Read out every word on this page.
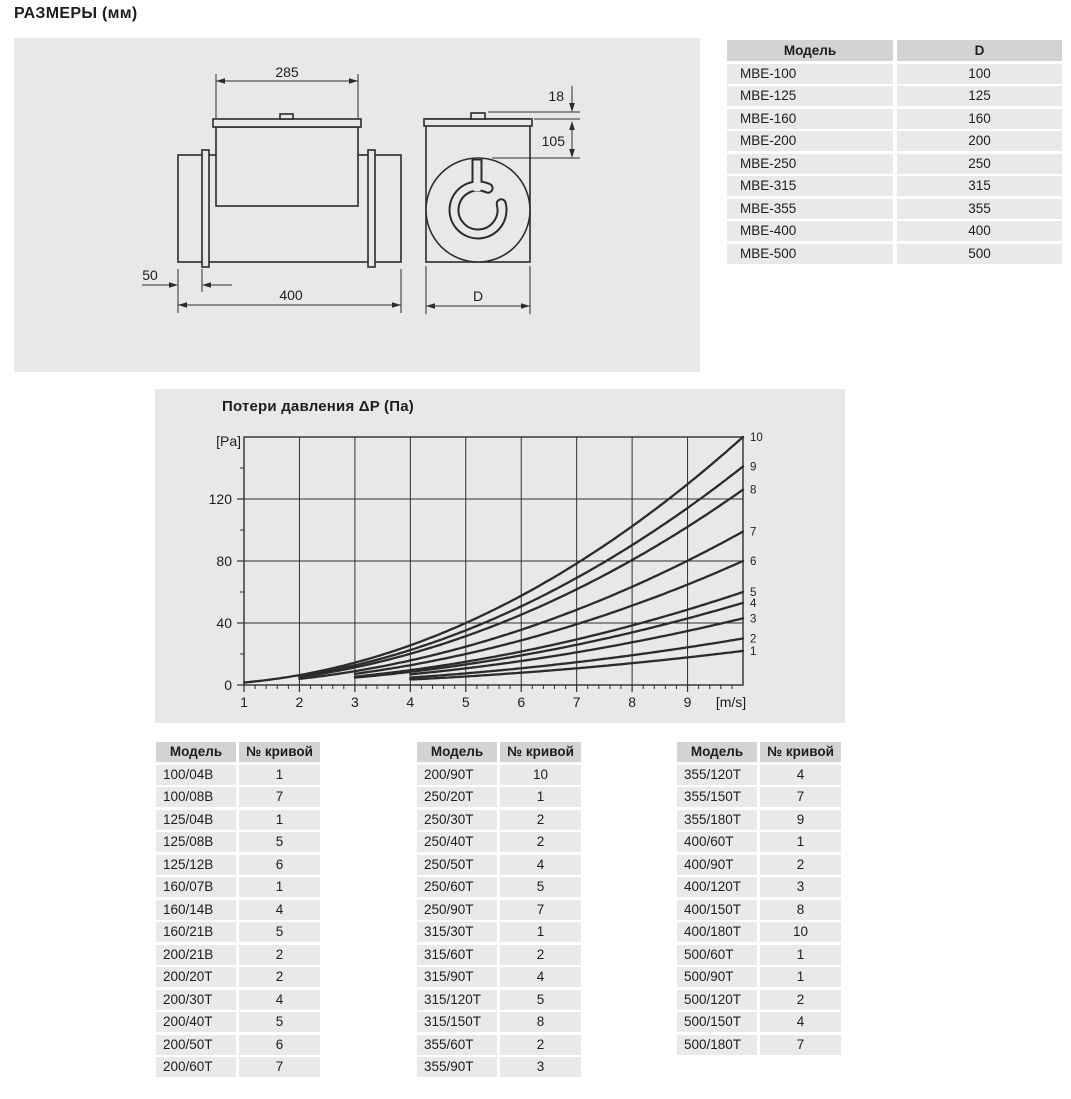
РАЗМЕРЫ (мм)
285
50
400
18
105
D
Модель	D
МВЕ-100	100
МВЕ-125	125
МВЕ-160	160
МВЕ-200	200
МВЕ-250	250
МВЕ-315	315
МВЕ-355	355
МВЕ-400	400
МВЕ-500	500
Потери давления ΔP (Па)
1	2	3	4	5	6	7	8	9
0
40
80
120
[Pa]
[m/s]
1
2
3
4
5
6
7
8
9
10
Модель	№ кривой
100/04В	1
100/08В	7
125/04В	1
125/08В	5
125/12В	6
160/07В	1
160/14В	4
160/21В	5
200/21В	2
200/20Т	2
200/30Т	4
200/40Т	5
200/50Т	6
200/60Т	7
Модель	№ кривой
200/90Т	10
250/20Т	1
250/30Т	2
250/40Т	2
250/50Т	4
250/60Т	5
250/90Т	7
315/30Т	1
315/60Т	2
315/90Т	4
315/120Т	5
315/150Т	8
355/60Т	2
355/90Т	3
Модель	№ кривой
355/120Т	4
355/150Т	7
355/180Т	9
400/60Т	1
400/90Т	2
400/120Т	3
400/150Т	8
400/180Т	10
500/60Т	1
500/90Т	1
500/120Т	2
500/150Т	4
500/180Т	7
